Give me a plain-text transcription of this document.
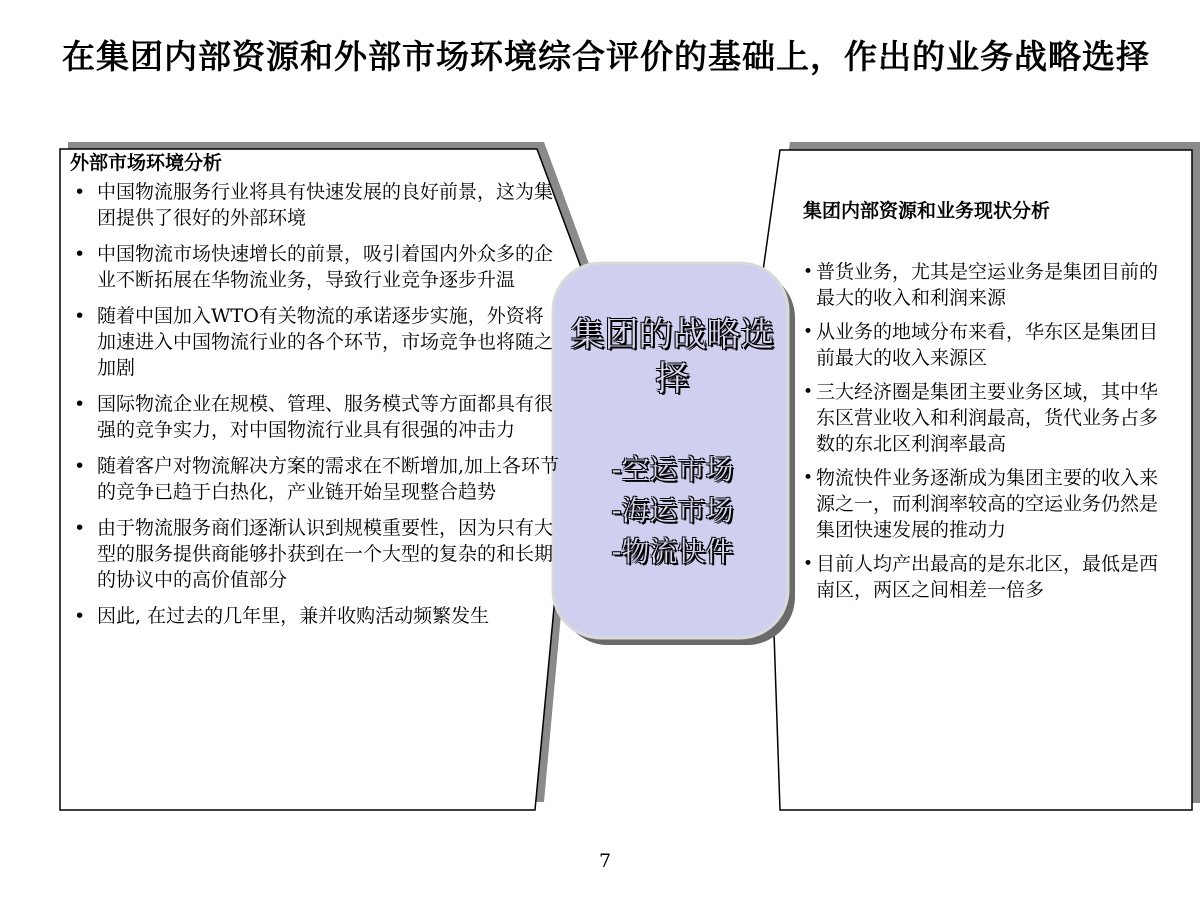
在集团内部资源和外部市场环境综合评价的基础上，作出的业务战略选择
外部市场环境分析
• 中国物流服务行业将具有快速发展的良好前景，这为集团提供了很好的外部环境
• 中国物流市场快速增长的前景，吸引着国内外众多的企业不断拓展在华物流业务，导致行业竞争逐步升温
• 随着中国加入WTO有关物流的承诺逐步实施，外资将加速进入中国物流行业的各个环节，市场竞争也将随之加剧
• 国际物流企业在规模、管理、服务模式等方面都具有很强的竞争实力，对中国物流行业具有很强的冲击力
• 随着客户对物流解决方案的需求在不断增加,加上各环节的竞争已趋于白热化，产业链开始呈现整合趋势
• 由于物流服务商们逐渐认识到规模重要性，因为只有大型的服务提供商能够扑获到在一个大型的复杂的和长期的协议中的高价值部分
• 因此, 在过去的几年里，兼并收购活动频繁发生
集团的战略选择
-空运市场
-海运市场
-物流快件
集团内部资源和业务现状分析
• 普货业务，尤其是空运业务是集团目前的最大的收入和利润来源
• 从业务的地域分布来看，华东区是集团目前最大的收入来源区
• 三大经济圈是集团主要业务区域，其中华东区营业收入和利润最高，货代业务占多数的东北区利润率最高
• 物流快件业务逐渐成为集团主要的收入来源之一，而利润率较高的空运业务仍然是集团快速发展的推动力
• 目前人均产出最高的是东北区，最低是西南区，两区之间相差一倍多
7
